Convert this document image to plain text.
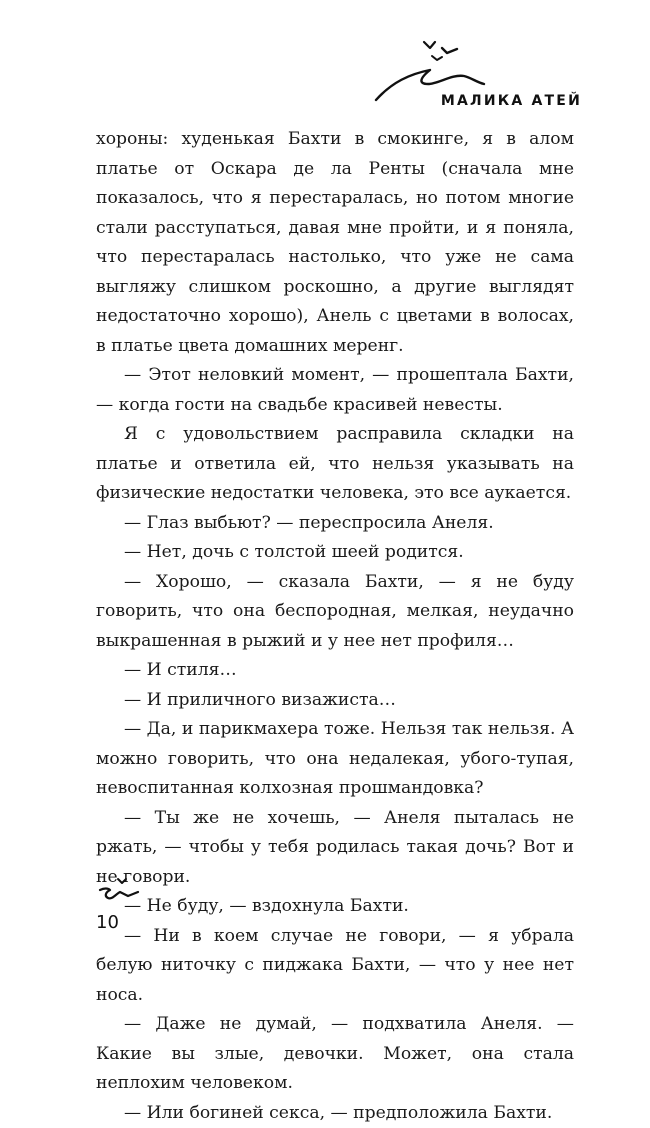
МАЛИКА АТЕЙ

хороны: худенькая Бахти в смокинге, я в алом платье от Оскара де ла Ренты (сначала мне показалось, что я перестаралась, но потом многие стали расступаться, давая мне пройти, и я поняла, что перестаралась настолько, что уже не сама выгляжу слишком роскошно, а другие выглядят недостаточно хорошо), Анель с цветами в волосах, в платье цвета домашних меренг.

— Этот неловкий момент, — прошептала Бахти, — когда гости на свадьбе красивей невесты.

Я с удовольствием расправила складки на платье и ответила ей, что нельзя указывать на физические недостатки человека, это все аукается.

— Глаз выбьют? — переспросила Анеля.

— Нет, дочь с толстой шеей родится.

— Хорошо, — сказала Бахти, — я не буду говорить, что она беспородная, мелкая, неудачно выкрашенная в рыжий и у нее нет профиля…

— И стиля…

— И приличного визажиста…

— Да, и парикмахера тоже. Нельзя так нельзя. А можно говорить, что она недалекая, убого-тупая, невоспитанная колхозная прошмандовка?

— Ты же не хочешь, — Анеля пыталась не ржать, — чтобы у тебя родилась такая дочь? Вот и не говори.

— Не буду, — вздохнула Бахти.

— Ни в коем случае не говори, — я убрала белую ниточку с пиджака Бахти, — что у нее нет носа.

— Даже не думай, — подхватила Анеля. — Какие вы злые, девочки. Может, она стала неплохим человеком.

— Или богиней секса, — предположила Бахти.

10
